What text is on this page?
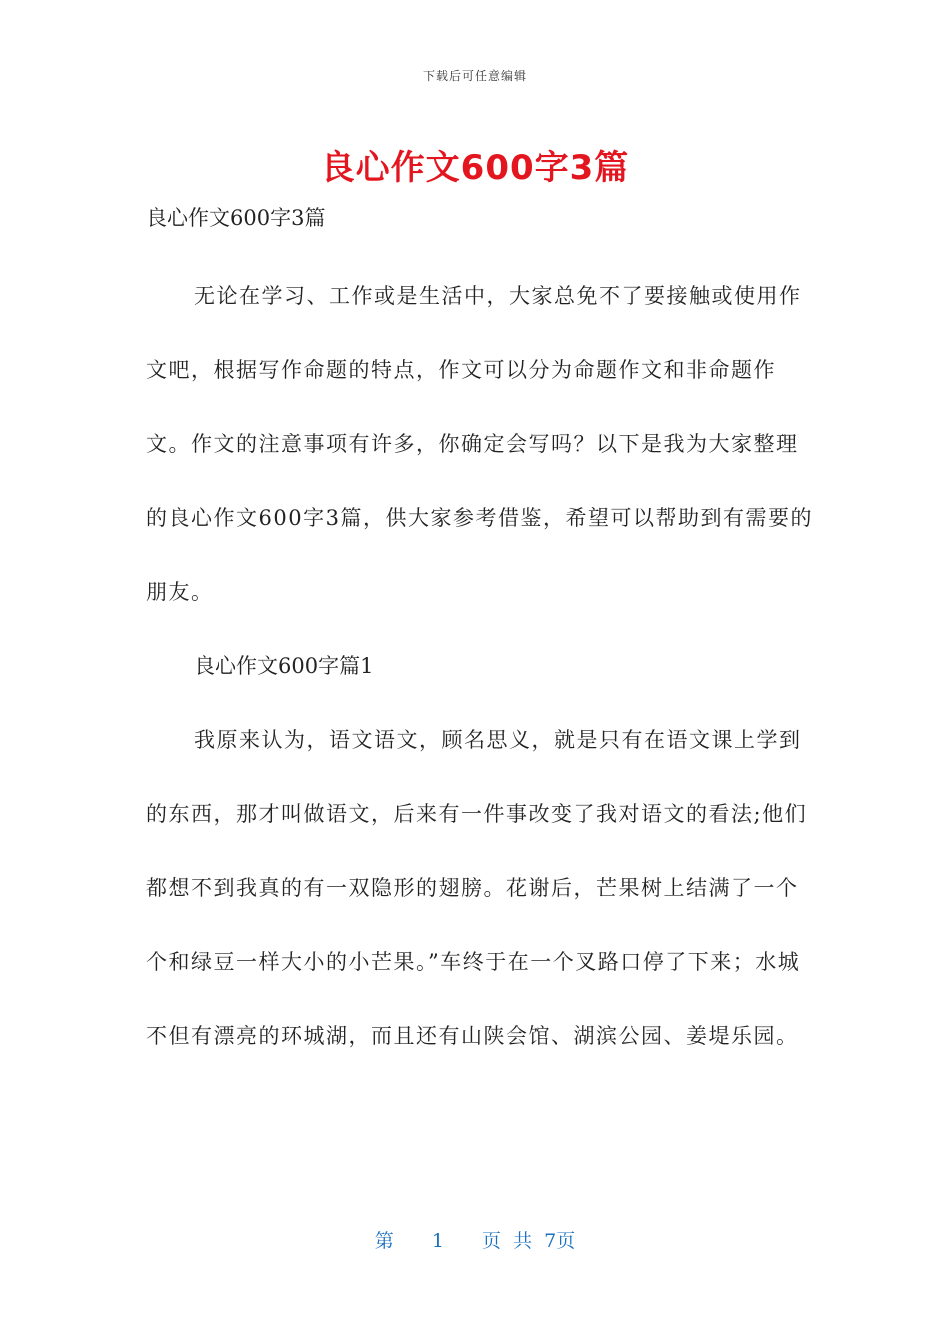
下载后可任意编辑
良心作文600字3篇

良心作文600字3篇

无论在学习、工作或是生活中，大家总免不了要接触或使用作文吧，根据写作命题的特点，作文可以分为命题作文和非命题作文。作文的注意事项有许多，你确定会写吗？以下是我为大家整理的良心作文600字3篇，供大家参考借鉴，希望可以帮助到有需要的朋友。

良心作文600字篇1

我原来认为，语文语文，顾名思义，就是只有在语文课上学到的东西，那才叫做语文，后来有一件事改变了我对语文的看法;他们都想不到我真的有一双隐形的翅膀。花谢后，芒果树上结满了一个个和绿豆一样大小的小芒果。”车终于在一个叉路口停了下来；水城不但有漂亮的环城湖，而且还有山陕会馆、湖滨公园、姜堤乐园。

第 1 页 共 7页
